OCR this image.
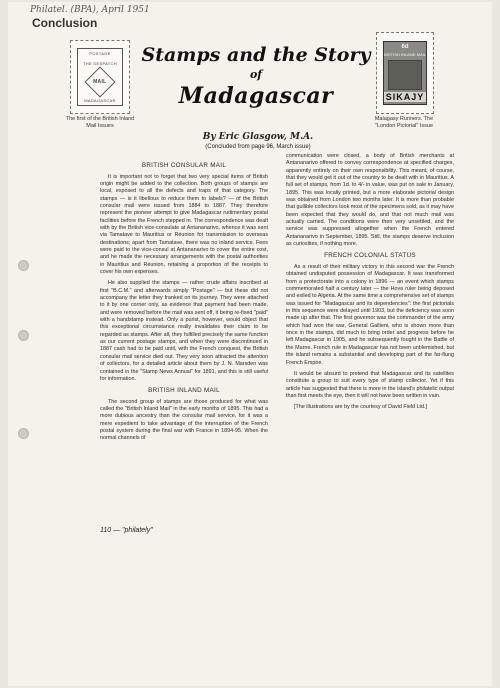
Philatel. (BPA), April 1951
Conclusion
POSTAGE
THE DESPATCH
MAIL
MADAGASCAR
The first of the British Inland Mail Issues
Stamps and the Story
of
Madagascar
By Eric Glasgow, M.A.
(Concluded from page 96, March issue)
6d
BRITISH INLAND MAIL
SIKAJY
Malagasy Runners. The "London Pictorial" Issue
BRITISH CONSULAR MAIL

It is important not to forget that two very special items of British origin might be added to the collection. Both groups of stamps are local, exposed to all the defects and traps of that category. The stamps — is it libellous to reduce them to labels? — of the British consular mail were issued from 1884 to 1887. They therefore represent the pioneer attempt to give Madagascar rudimentary postal facilities before the French stepped in. The correspondence was dealt with by the British vice-consulate at Antananarivo, whence it was sent via Tamatave to Mauritius or Réunion for transmission to overseas destinations; apart from Tamatave, there was no inland service. Fees were paid to the vice-consul at Antananarivo to cover the entire cost, and he made the necessary arrangements with the postal authorities in Mauritius and Réunion, retaining a proportion of the receipts to cover his own expenses.

He also supplied the stamps — rather crude affairs inscribed at first "B.C.M." and afterwards simply "Postage" — but these did not accompany the letter they franked on its journey. They were attached to it by one corner only, as evidence that payment had been made, and were removed before the mail was sent off, it being re-fixed "paid" with a handstamp instead. Only a purist, however, would object that this exceptional circumstance really invalidates their claim to be regarded as stamps. After all, they fulfilled precisely the same function as our current postage stamps, and when they were discontinued in 1887 cash had to be paid until, with the French conquest, the British consular mail service died out. They very soon attracted the attention of collectors, for a detailed article about them by J. N. Marsden was contained in the "Stamp News Annual" for 1891, and this is still useful for information.

BRITISH INLAND MAIL

The second group of stamps are those produced for what was called the "British Inland Mail" in the early months of 1895. This had a more dubious ancestry than the consular mail service, for it was a mere expedient to take advantage of the interruption of the French postal system during the final war with France in 1894-95. When the normal channels of

communication were closed, a body of British merchants at Antananarivo offered to convey correspondence at specified charges, apparently entirely on their own responsibility. This meant, of course, that they would get it out of the country to be dealt with in Mauritius. A full set of stamps, from 1d. to 4/- in value, was put on sale in January, 1895. This was locally printed, but a more elaborate pictorial design was obtained from London two months later. It is more than probable that gullible collectors took most of the specimens sold, as it may have been expected that they would do, and that not much mail was actually carried. The conditions were then very unsettled, and the service was suppressed altogether when the French entered Antananarivo in September, 1895. Still, the stamps deserve inclusion as curiosities, if nothing more.

FRENCH COLONIAL STATUS

As a result of their military victory in this second war the French obtained undisputed possession of Madagascar. It was transformed from a protectorate into a colony in 1896 — an event which stamps commemorated half a century later — the Hova ruler being deposed and exiled to Algeria. At the same time a comprehensive set of stamps was issued for "Madagascar and its dependencies": the first pictorials in this sequence were delayed until 1903, but the deficiency was soon made up after that. The first governor was the commander of the army which had won the war, General Gallieni, who is shown more than once in the stamps, did much to bring order and progress before he left Madagascar in 1905, and he subsequently fought in the Battle of the Marne. French rule in Madagascar has not been unblemished, but the island remains a substantial and developing part of the far-flung French Empire.

It would be absurd to pretend that Madagascar and its satellites constitute a group to suit every type of stamp collector. Yet if this article has suggested that there is more in the island's philatelic output than first meets the eye, then it will not have been written in vain.

[The illustrations are by the courtesy of David Field Ltd.]

110 — "philately"
